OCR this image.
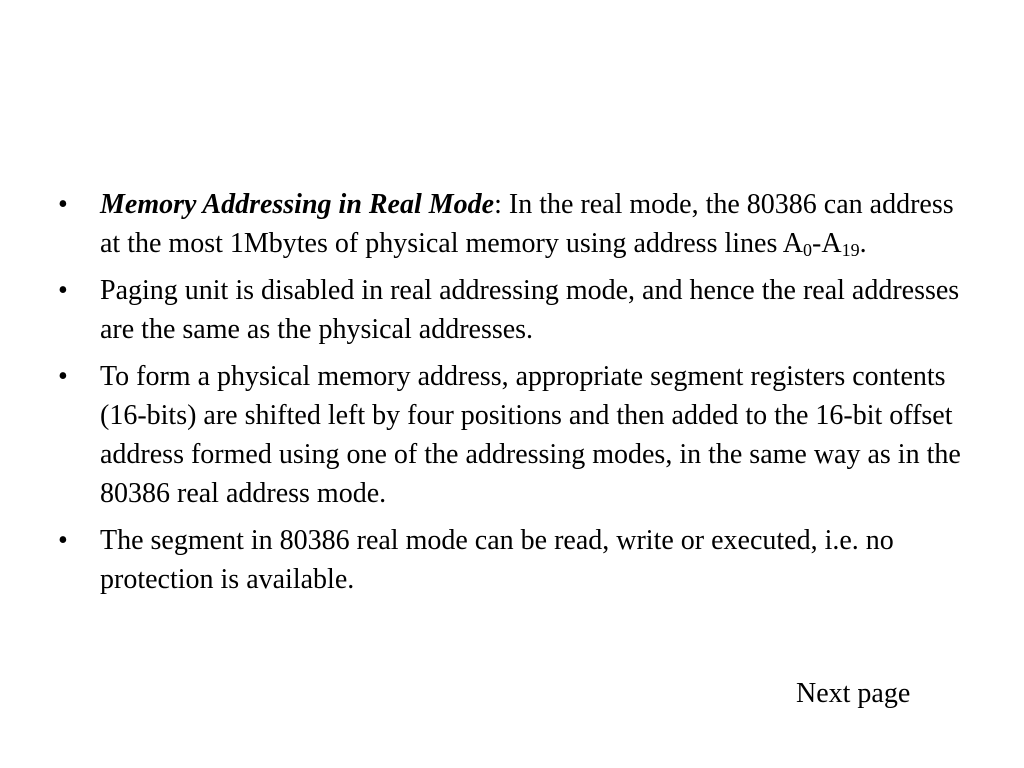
• Memory Addressing in Real Mode: In the real mode, the 80386 can address at the most 1Mbytes of physical memory using address lines $A_0-A_{19}$.
• Paging unit is disabled in real addressing mode, and hence the real addresses are the same as the physical addresses.
• To form a physical memory address, appropriate segment registers contents (16-bits) are shifted left by four positions and then added to the 16-bit offset address formed using one of the addressing modes, in the same way as in the 80386 real address mode.
• The segment in 80386 real mode can be read, write or executed, i.e. no protection is available.
Next page
